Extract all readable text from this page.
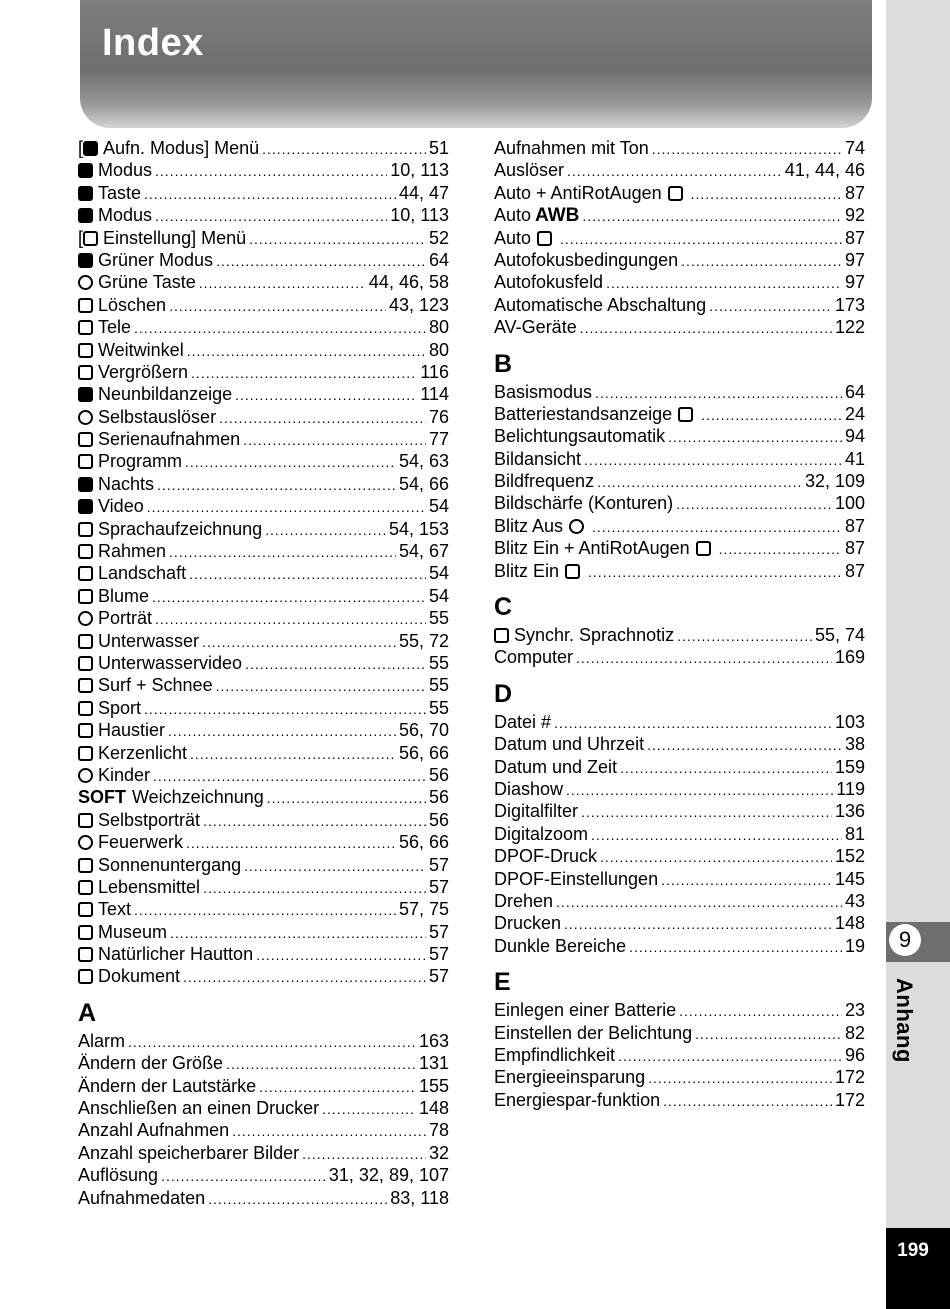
Index
9
Anhang
199
[ Aufn. Modus] Menü .....	51
Modus .....	10, 113
Taste .....	44, 47
Modus .....	10, 113
[ Einstellung] Menü .....	52
Grüner Modus .....	64
Grüne Taste .....	44, 46, 58
Löschen .....	43, 123
Tele .....	80
Weitwinkel .....	80
Vergrößern .....	116
Neunbildanzeige .....	114
Selbstauslöser .....	76
Serienaufnahmen .....	77
Programm .....	54, 63
Nachts .....	54, 66
Video .....	54
Sprachaufzeichnung .....	54, 153
Rahmen .....	54, 67
Landschaft .....	54
Blume .....	54
Porträt .....	55
Unterwasser .....	55, 72
Unterwasservideo .....	55
Surf + Schnee .....	55
Sport .....	55
Haustier .....	56, 70
Kerzenlicht .....	56, 66
Kinder .....	56
SOFT Weichzeichnung .....	56
Selbstporträt .....	56
Feuerwerk .....	56, 66
Sonnenuntergang .....	57
Lebensmittel .....	57
Text .....	57, 75
Museum .....	57
Natürlicher Hautton .....	57
Dokument .....	57
A
Alarm .....	163
Ändern der Größe .....	131
Ändern der Lautstärke .....	155
Anschließen an einen Drucker .....	148
Anzahl Aufnahmen .....	78
Anzahl speicherbarer Bilder .....	32
Auflösung .....	31, 32, 89, 107
Aufnahmedaten .....	83, 118
Aufnahmen mit Ton .....	74
Auslöser .....	41, 44, 46
Auto + AntiRotAugen .....	87
Auto AWB .....	92
Auto .....	87
Autofokusbedingungen .....	97
Autofokusfeld .....	97
Automatische Abschaltung .....	173
AV-Geräte .....	122
B
Basismodus .....	64
Batteriestandsanzeige .....	24
Belichtungsautomatik .....	94
Bildansicht .....	41
Bildfrequenz .....	32, 109
Bildschärfe (Konturen) .....	100
Blitz Aus .....	87
Blitz Ein + AntiRotAugen .....	87
Blitz Ein .....	87
C
Synchr. Sprachnotiz .....	55, 74
Computer .....	169
D
Datei # .....	103
Datum und Uhrzeit .....	38
Datum und Zeit .....	159
Diashow .....	119
Digitalfilter .....	136
Digitalzoom .....	81
DPOF-Druck .....	152
DPOF-Einstellungen .....	145
Drehen .....	43
Drucken .....	148
Dunkle Bereiche .....	19
E
Einlegen einer Batterie .....	23
Einstellen der Belichtung .....	82
Empfindlichkeit .....	96
Energieeinsparung .....	172
Energiespar-funktion .....	172
